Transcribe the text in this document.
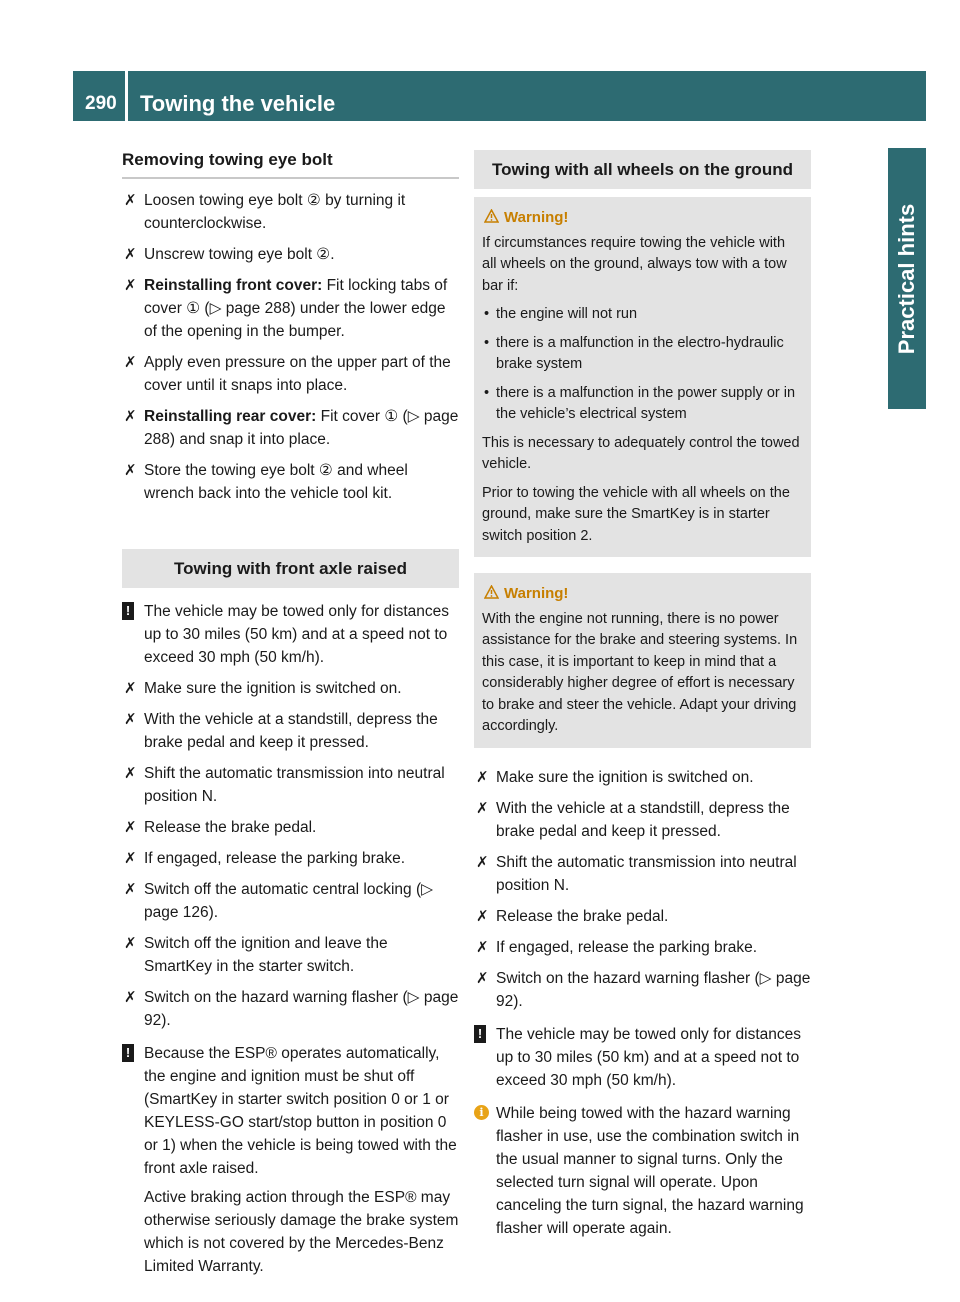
290 Towing the vehicle
Practical hints
Removing towing eye bolt
✗ Loosen towing eye bolt ② by turning it counterclockwise.
✗ Unscrew towing eye bolt ②.
✗ Reinstalling front cover: Fit locking tabs of cover ① (▷ page 288) under the lower edge of the opening in the bumper.
✗ Apply even pressure on the upper part of the cover until it snaps into place.
✗ Reinstalling rear cover: Fit cover ① (▷ page 288) and snap it into place.
✗ Store the towing eye bolt ② and wheel wrench back into the vehicle tool kit.
Towing with front axle raised
! The vehicle may be towed only for distances up to 30 miles (50 km) and at a speed not to exceed 30 mph (50 km/h).
✗ Make sure the ignition is switched on.
✗ With the vehicle at a standstill, depress the brake pedal and keep it pressed.
✗ Shift the automatic transmission into neutral position N.
✗ Release the brake pedal.
✗ If engaged, release the parking brake.
✗ Switch off the automatic central locking (▷ page 126).
✗ Switch off the ignition and leave the SmartKey in the starter switch.
✗ Switch on the hazard warning flasher (▷ page 92).
! Because the ESP® operates automatically, the engine and ignition must be shut off (SmartKey in starter switch position 0 or 1 or KEYLESS-GO start/stop button in position 0 or 1) when the vehicle is being towed with the front axle raised.

Active braking action through the ESP® may otherwise seriously damage the brake system which is not covered by the Mercedes-Benz Limited Warranty.

Towing with all wheels on the ground
Warning!

If circumstances require towing the vehicle with all wheels on the ground, always tow with a tow bar if:

• the engine will not run
• there is a malfunction in the electro-hydraulic brake system
• there is a malfunction in the power supply or in the vehicle’s electrical system

This is necessary to adequately control the towed vehicle.

Prior to towing the vehicle with all wheels on the ground, make sure the SmartKey is in starter switch position 2.

Warning!

With the engine not running, there is no power assistance for the brake and steering systems. In this case, it is important to keep in mind that a considerably higher degree of effort is necessary to brake and steer the vehicle. Adapt your driving accordingly.

✗ Make sure the ignition is switched on.
✗ With the vehicle at a standstill, depress the brake pedal and keep it pressed.
✗ Shift the automatic transmission into neutral position N.
✗ Release the brake pedal.
✗ If engaged, release the parking brake.
✗ Switch on the hazard warning flasher (▷ page 92).
! The vehicle may be towed only for distances up to 30 miles (50 km) and at a speed not to exceed 30 mph (50 km/h).
i While being towed with the hazard warning flasher in use, use the combination switch in the usual manner to signal turns. Only the selected turn signal will operate. Upon canceling the turn signal, the hazard warning flasher will operate again.
